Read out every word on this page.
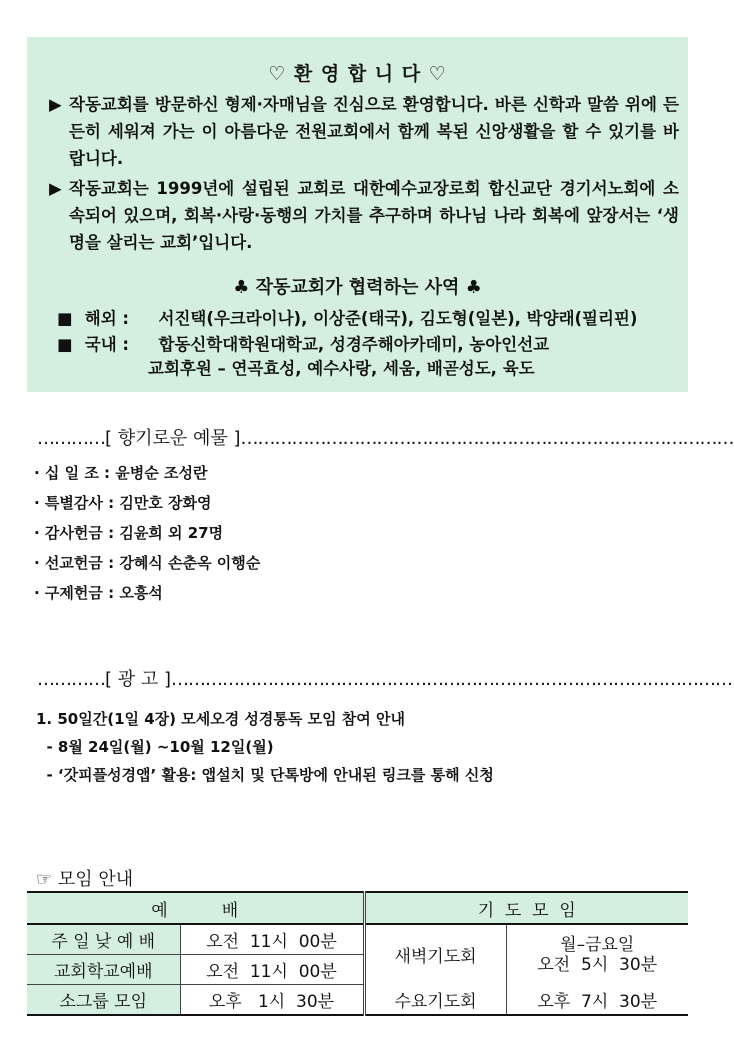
♡ 환 영 합 니 다 ♡
▶ 작동교회를 방문하신 형제·자매님을 진심으로 환영합니다. 바른 신학과 말씀 위에 든든히 세워져 가는 이 아름다운 전원교회에서 함께 복된 신앙생활을 할 수 있기를 바랍니다.
▶ 작동교회는 1999년에 설립된 교회로 대한예수교장로회 합신교단 경기서노회에 소속되어 있으며, 회복·사랑·동행의 가치를 추구하며 하나님 나라 회복에 앞장서는 ‘생명을 살리는 교회’입니다.
♣ 작동교회가 협력하는 사역 ♣
■ 해외 : 서진택(우크라이나), 이상준(태국), 김도형(일본), 박양래(필리핀)
■ 국내 : 합동신학대학원대학교, 성경주해아카데미, 농아인선교
교회후원 – 연곡효성, 예수사랑, 세움, 배곧성도, 육도
…………[ 향기로운 예물 ]……………………………………………………………………………
· 십 일 조 : 윤병순 조성란
· 특별감사 : 김만호 장화영
· 감사헌금 : 김윤희 외 27명
· 선교헌금 : 강혜식 손춘옥 이행순
· 구제헌금 : 오흥석
…………[ 광 고 ]………………………………………………………………………………………
1. 50일간(1일 4장) 모세오경 성경통독 모임 참여 안내
- 8월 24일(월) ~10월 12일(월)
- ‘갓피플성경앱’ 활용: 앱설치 및 단톡방에 안내된 링크를 통해 신청
☞ 모임 안내
예          배		기  도  모  임	
주 일 낮 예 배	오전  11시  00분	새벽기도회	월–금요일
오전  5시  30분

교회학교예배	오전  11시  00분		
소그룹 모임	오후   1시  30분	수요기도회	오후  7시  30분
